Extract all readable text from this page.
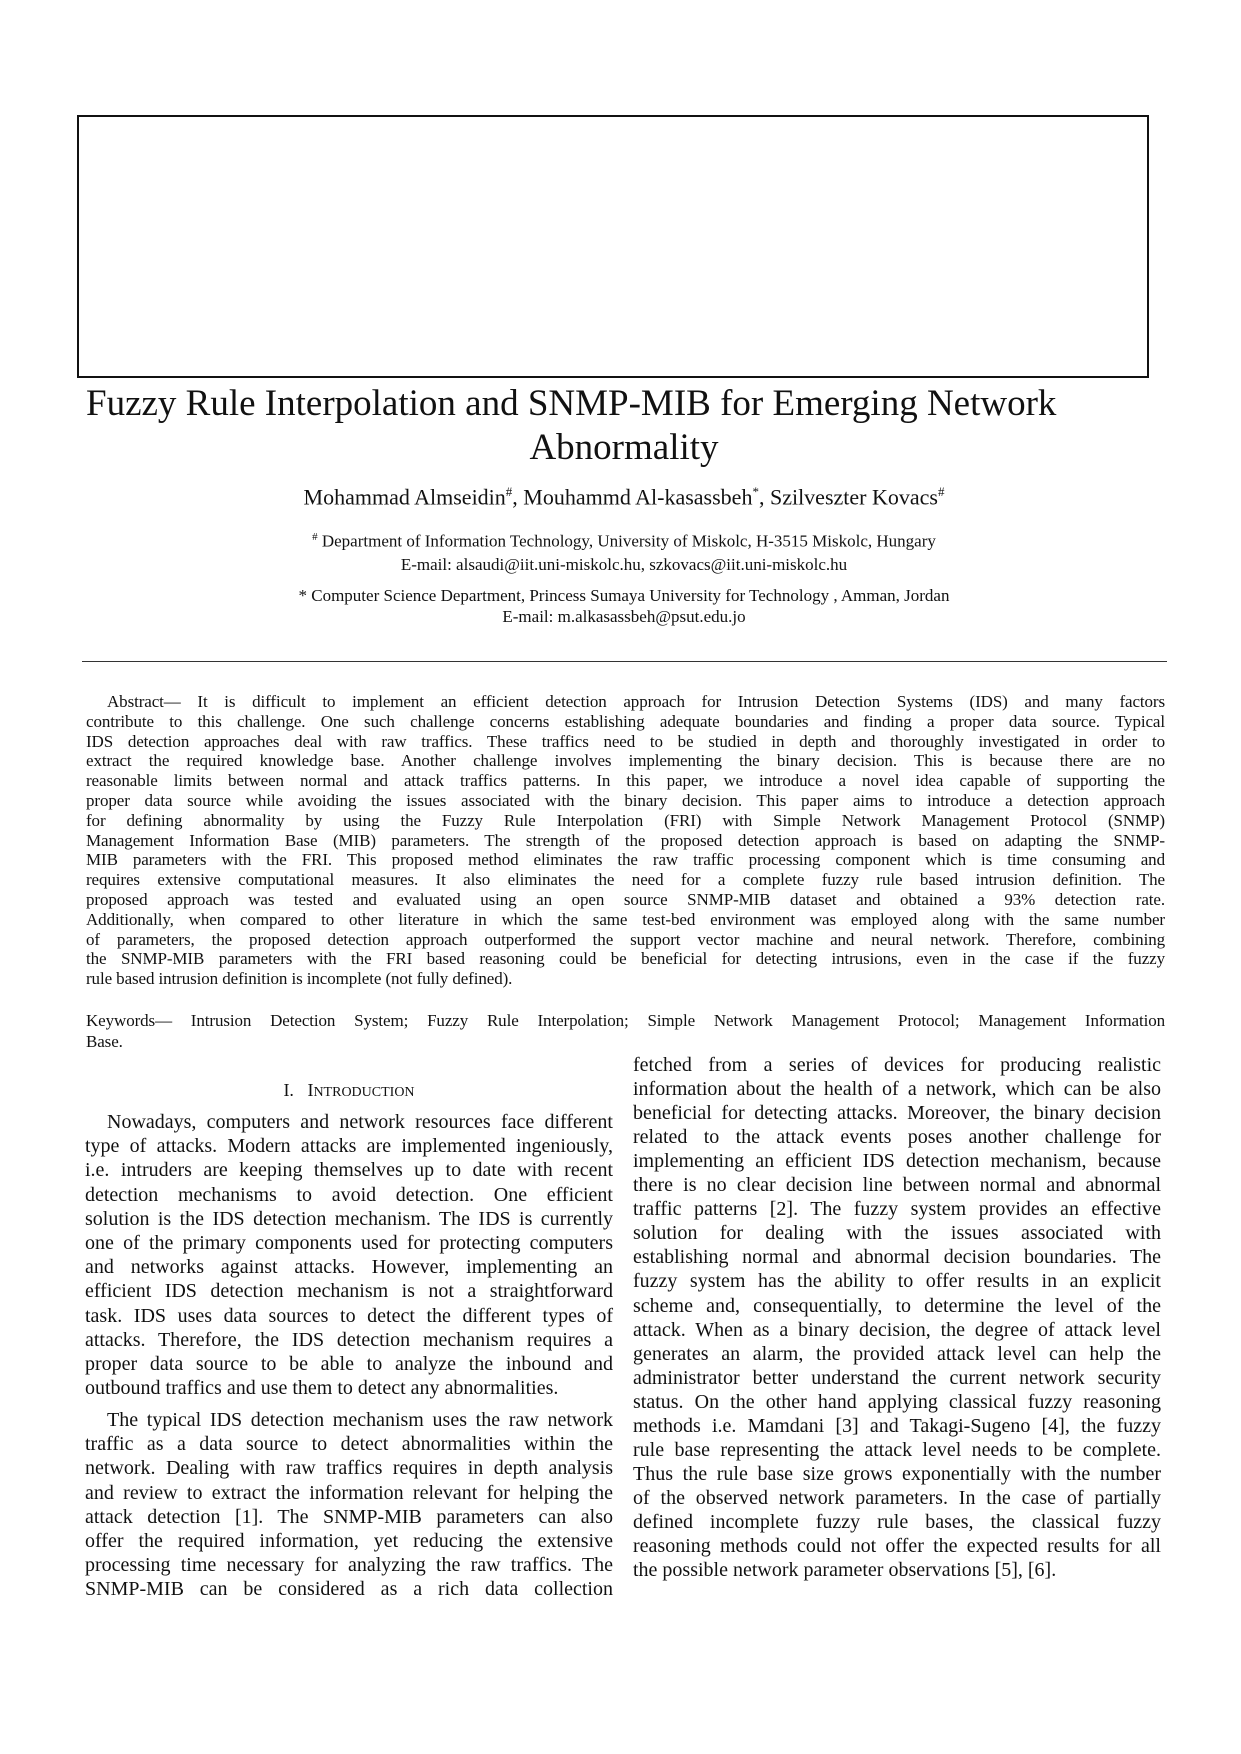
Fuzzy Rule Interpolation and SNMP-MIB for Emerging Network
Abnormality
Mohammad Almseidin#, Mouhammd Al-kasassbeh*, Szilveszter Kovacs#
# Department of Information Technology, University of Miskolc, H-3515 Miskolc, Hungary
E-mail: alsaudi@iit.uni-miskolc.hu, szkovacs@iit.uni-miskolc.hu
* Computer Science Department, Princess Sumaya University for Technology , Amman, Jordan
E-mail: m.alkasassbeh@psut.edu.jo
Abstract— It is difficult to implement an efficient detection approach for Intrusion Detection Systems (IDS) and many factors
contribute to this challenge. One such challenge concerns establishing adequate boundaries and finding a proper data source. Typical
IDS detection approaches deal with raw traffics. These traffics need to be studied in depth and thoroughly investigated in order to
extract the required knowledge base. Another challenge involves implementing the binary decision. This is because there are no
reasonable limits between normal and attack traffics patterns. In this paper, we introduce a novel idea capable of supporting the
proper data source while avoiding the issues associated with the binary decision. This paper aims to introduce a detection approach
for defining abnormality by using the Fuzzy Rule Interpolation (FRI) with Simple Network Management Protocol (SNMP)
Management Information Base (MIB) parameters. The strength of the proposed detection approach is based on adapting the SNMP-
MIB parameters with the FRI. This proposed method eliminates the raw traffic processing component which is time consuming and
requires extensive computational measures. It also eliminates the need for a complete fuzzy rule based intrusion definition. The
proposed approach was tested and evaluated using an open source SNMP-MIB dataset and obtained a 93% detection rate.
Additionally, when compared to other literature in which the same test-bed environment was employed along with the same number
of parameters, the proposed detection approach outperformed the support vector machine and neural network. Therefore, combining
the SNMP-MIB parameters with the FRI based reasoning could be beneficial for detecting intrusions, even in the case if the fuzzy
rule based intrusion definition is incomplete (not fully defined).
Keywords— Intrusion Detection System; Fuzzy Rule Interpolation; Simple Network Management Protocol; Management Information
Base.
I. INTRODUCTION
Nowadays, computers and network resources face different
type of attacks. Modern attacks are implemented ingeniously,
i.e. intruders are keeping themselves up to date with recent
detection mechanisms to avoid detection. One efficient
solution is the IDS detection mechanism. The IDS is currently
one of the primary components used for protecting computers
and networks against attacks. However, implementing an
efficient IDS detection mechanism is not a straightforward
task. IDS uses data sources to detect the different types of
attacks. Therefore, the IDS detection mechanism requires a
proper data source to be able to analyze the inbound and
outbound traffics and use them to detect any abnormalities.
The typical IDS detection mechanism uses the raw network
traffic as a data source to detect abnormalities within the
network. Dealing with raw traffics requires in depth analysis
and review to extract the information relevant for helping the
attack detection [1]. The SNMP-MIB parameters can also
offer the required information, yet reducing the extensive
processing time necessary for analyzing the raw traffics. The
SNMP-MIB can be considered as a rich data collection
fetched from a series of devices for producing realistic
information about the health of a network, which can be also
beneficial for detecting attacks. Moreover, the binary decision
related to the attack events poses another challenge for
implementing an efficient IDS detection mechanism, because
there is no clear decision line between normal and abnormal
traffic patterns [2]. The fuzzy system provides an effective
solution for dealing with the issues associated with
establishing normal and abnormal decision boundaries. The
fuzzy system has the ability to offer results in an explicit
scheme and, consequentially, to determine the level of the
attack. When as a binary decision, the degree of attack level
generates an alarm, the provided attack level can help the
administrator better understand the current network security
status. On the other hand applying classical fuzzy reasoning
methods i.e. Mamdani [3] and Takagi-Sugeno [4], the fuzzy
rule base representing the attack level needs to be complete.
Thus the rule base size grows exponentially with the number
of the observed network parameters. In the case of partially
defined incomplete fuzzy rule bases, the classical fuzzy
reasoning methods could not offer the expected results for all
the possible network parameter observations [5], [6].
